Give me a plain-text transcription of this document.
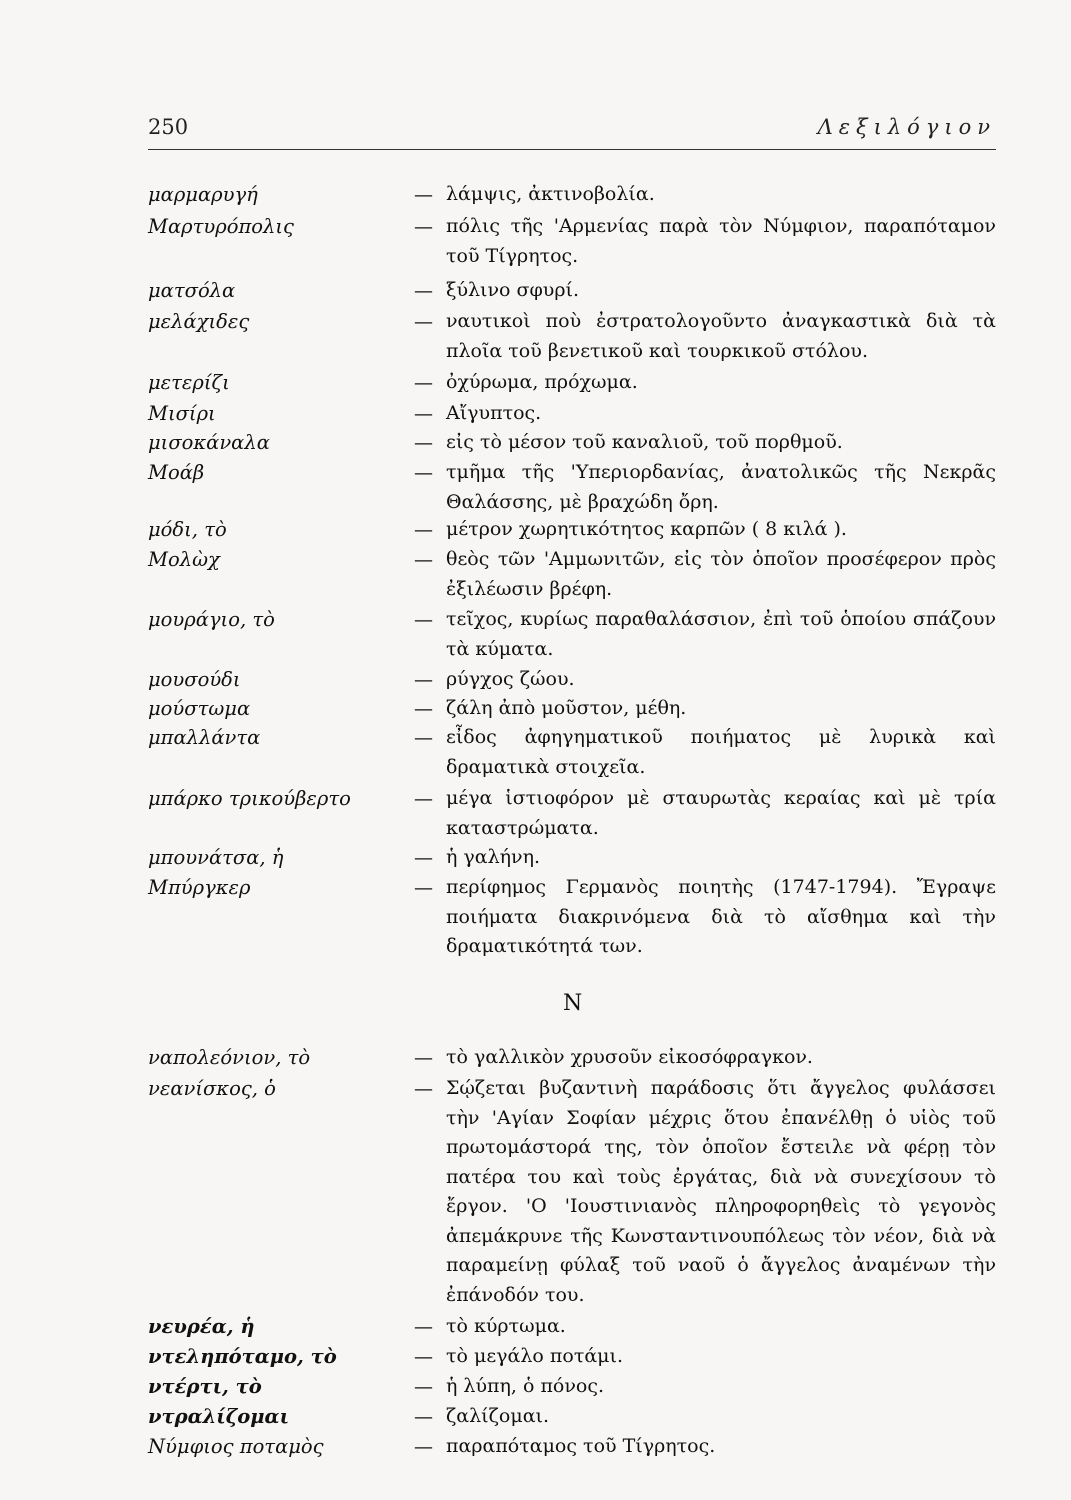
250	Λεξιλόγιον
μαρμαρυγή	— λάμψις, ἀκτινοβολία.
Μαρτυρόπολις	— πόλις τῆς 'Αρμενίας παρὰ τὸν Νύμφιον, παραπόταμον τοῦ Τίγρητος.
ματσόλα	— ξύλινο σφυρί.
μελάχιδες	— ναυτικοὶ ποὺ ἐστρατολογοῦντο ἀναγκαστικὰ διὰ τὰ πλοῖα τοῦ βενετικοῦ καὶ τουρκικοῦ στόλου.
μετερίζι	— ὀχύρωμα, πρόχωμα.
Μισίρι	— Αἴγυπτος.
μισοκάναλα	— εἰς τὸ μέσον τοῦ καναλιοῦ, τοῦ πορθμοῦ.
Μοάβ	— τμῆμα τῆς 'Υπεριορδανίας, ἀνατολικῶς τῆς Νεκρᾶς Θαλάσσης, μὲ βραχώδη ὄρη.
μόδι, τὸ	— μέτρον χωρητικότητος καρπῶν ( 8 κιλά ).
Μολὼχ	— θεὸς τῶν 'Αμμωνιτῶν, εἰς τὸν ὁποῖον προσέφερον πρὸς ἐξιλέωσιν βρέφη.
μουράγιο, τὸ	— τεῖχος, κυρίως παραθαλάσσιον, ἐπὶ τοῦ ὁποίου σπάζουν τὰ κύματα.
μουσούδι	— ρύγχος ζώου.
μούστωμα	— ζάλη ἀπὸ μοῦστον, μέθη.
μπαλλάντα	— εἶδος ἀφηγηματικοῦ ποιήματος μὲ λυρικὰ καὶ δραματικὰ στοιχεῖα.
μπάρκο τρικούβερτο	— μέγα ἱστιοφόρον μὲ σταυρωτὰς κεραίας καὶ μὲ τρία καταστρώματα.
μπουνάτσα, ἡ	— ἡ γαλήνη.
Μπύργκερ	— περίφημος Γερμανὸς ποιητὴς (1747-1794). Ἔγραψε ποιήματα διακρινόμενα διὰ τὸ αἴσθημα καὶ τὴν δραματικότητά των.
Ν
ναπολεόνιον, τὸ	— τὸ γαλλικὸν χρυσοῦν εἰκοσόφραγκον.
νεανίσκος, ὁ	— Σῴζεται βυζαντινὴ παράδοσις ὅτι ἄγγελος φυλάσσει τὴν 'Αγίαν Σοφίαν μέχρις ὅτου ἐπανέλθῃ ὁ υἱὸς τοῦ πρωτομάστορά της, τὸν ὁποῖον ἔστειλε νὰ φέρῃ τὸν πατέρα του καὶ τοὺς ἐργάτας, διὰ νὰ συνεχίσουν τὸ ἔργον. 'Ο 'Ιουστινιανὸς πληροφορηθεὶς τὸ γεγονὸς ἀπεμάκρυνε τῆς Κωνσταντινουπόλεως τὸν νέον, διὰ νὰ παραμείνῃ φύλαξ τοῦ ναοῦ ὁ ἄγγελος ἀναμένων τὴν ἐπάνοδόν του.
νευρέα, ἡ	— τὸ κύρτωμα.
ντεληπόταμο, τὸ	— τὸ μεγάλο ποτάμι.
ντέρτι, τὸ	— ἡ λύπη, ὁ πόνος.
ντραλίζομαι	— ζαλίζομαι.
Νύμφιος ποταμὸς	— παραπόταμος τοῦ Τίγρητος.
